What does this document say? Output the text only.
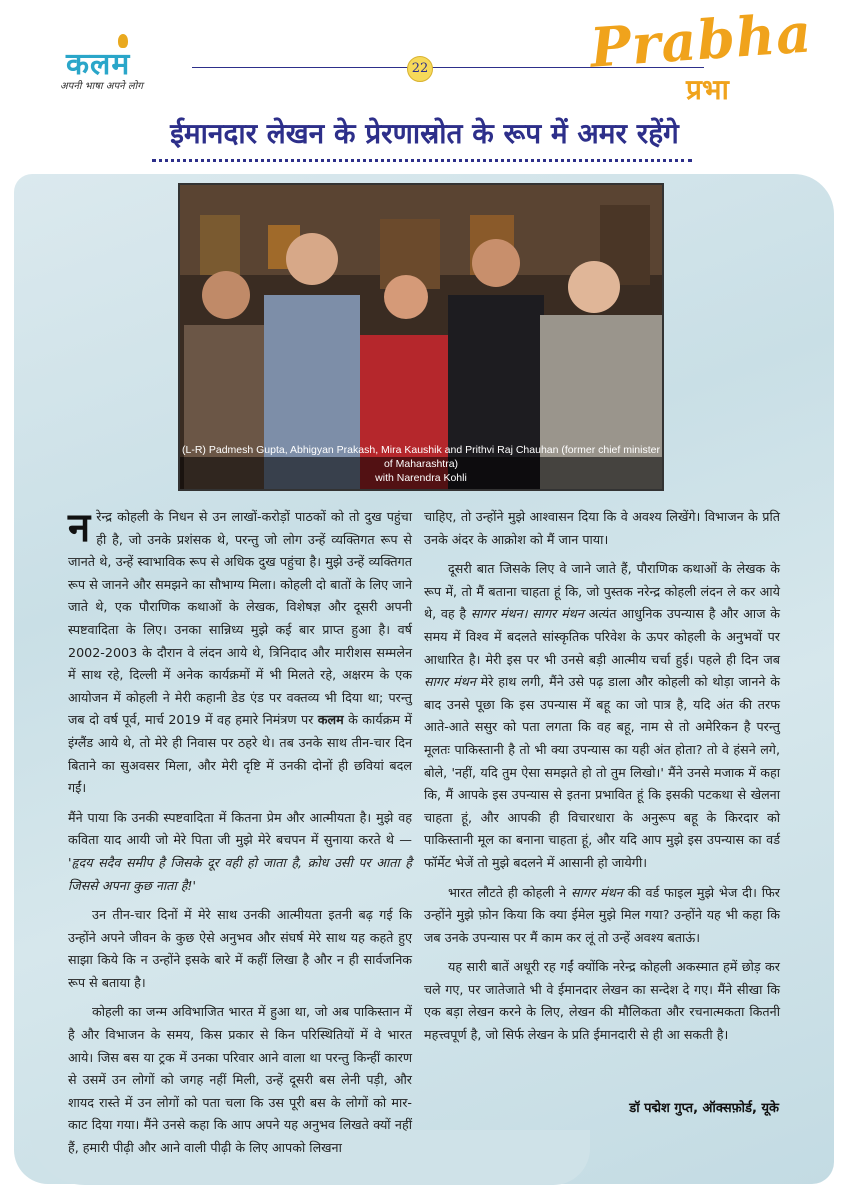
कलम
अपनी भाषा अपने लोग
22	Prabha
प्रभा
ईमानदार लेखन के प्रेरणास्रोत के रूप में अमर रहेंगे
(L-R) Padmesh Gupta, Abhigyan Prakash, Mira Kaushik and Prithvi Raj Chauhan (former chief minister of Maharashtra)
with Narendra Kohli

नरेन्द्र कोहली के निधन से उन लाखों-करोड़ों पाठकों को तो दुख पहुंचा ही है, जो उनके प्रशंसक थे, परन्तु जो लोग उन्हें व्यक्तिगत रूप से जानते थे, उन्हें स्वाभाविक रूप से अधिक दुख पहुंचा है। मुझे उन्हें व्यक्तिगत रूप से जानने और समझने का सौभाग्य मिला। कोहली दो बातों के लिए जाने जाते थे, एक पौराणिक कथाओं के लेखक, विशेषज्ञ और दूसरी अपनी स्पष्टवादिता के लिए। उनका सान्निध्य मुझे कई बार प्राप्त हुआ है। वर्ष 2002-2003 के दौरान वे लंदन आये थे, त्रिनिदाद और मारीशस सम्मलेन में साथ रहे, दिल्ली में अनेक कार्यक्रमों में भी मिलते रहे, अक्षरम के एक आयोजन में कोहली ने मेरी कहानी डेड एंड पर वक्तव्य भी दिया था; परन्तु जब दो वर्ष पूर्व, मार्च 2019 में वह हमारे निमंत्रण पर कलम के कार्यक्रम में इंग्लैंड आये थे, तो मेरे ही निवास पर ठहरे थे। तब उनके साथ तीन-चार दिन बिताने का सुअवसर मिला, और मेरी दृष्टि में उनकी दोनों ही छवियां बदल गईं।

मैंने पाया कि उनकी स्पष्टवादिता में कितना प्रेम और आत्मीयता है। मुझे वह कविता याद आयी जो मेरे पिता जी मुझे मेरे बचपन में सुनाया करते थे — 'हृदय सदैव समीप है जिसके दूर वही हो जाता है, क्रोध उसी पर आता है जिससे अपना कुछ नाता है!'

उन तीन-चार दिनों में मेरे साथ उनकी आत्मीयता इतनी बढ़ गई कि उन्होंने अपने जीवन के कुछ ऐसे अनुभव और संघर्ष मेरे साथ यह कहते हुए साझा किये कि न उन्होंने इसके बारे में कहीं लिखा है और न ही सार्वजनिक रूप से बताया है।

कोहली का जन्म अविभाजित भारत में हुआ था, जो अब पाकिस्तान में है और विभाजन के समय, किस प्रकार से किन परिस्थितियों में वे भारत आये। जिस बस या ट्रक में उनका परिवार आने वाला था परन्तु किन्हीं कारण से उसमें उन लोगों को जगह नहीं मिली, उन्हें दूसरी बस लेनी पड़ी, और शायद रास्ते में उन लोगों को पता चला कि उस पूरी बस के लोगों को मार-काट दिया गया। मैंने उनसे कहा कि आप अपने यह अनुभव लिखते क्यों नहीं हैं, हमारी पीढ़ी और आने वाली पीढ़ी के लिए आपको लिखना

चाहिए, तो उन्होंने मुझे आश्वासन दिया कि वे अवश्य लिखेंगे। विभाजन के प्रति उनके अंदर के आक्रोश को मैं जान पाया।

दूसरी बात जिसके लिए वे जाने जाते हैं, पौराणिक कथाओं के लेखक के रूप में, तो मैं बताना चाहता हूं कि, जो पुस्तक नरेन्द्र कोहली लंदन ले कर आये थे, वह है सागर मंथन। सागर मंथन अत्यंत आधुनिक उपन्यास है और आज के समय में विश्व में बदलते सांस्कृतिक परिवेश के ऊपर कोहली के अनुभवों पर आधारित है। मेरी इस पर भी उनसे बड़ी आत्मीय चर्चा हुई। पहले ही दिन जब सागर मंथन मेरे हाथ लगी, मैंने उसे पढ़ डाला और कोहली को थोड़ा जानने के बाद उनसे पूछा कि इस उपन्यास में बहू का जो पात्र है, यदि अंत की तरफ आते-आते ससुर को पता लगता कि वह बहू, नाम से तो अमेरिकन है परन्तु मूलतः पाकिस्तानी है तो भी क्या उपन्यास का यही अंत होता? तो वे हंसने लगे, बोले, 'नहीं, यदि तुम ऐसा समझते हो तो तुम लिखो।' मैंने उनसे मजाक में कहा कि, मैं आपके इस उपन्यास से इतना प्रभावित हूं कि इसकी पटकथा से खेलना चाहता हूं, और आपकी ही विचारधारा के अनुरूप बहू के किरदार को पाकिस्तानी मूल का बनाना चाहता हूं, और यदि आप मुझे इस उपन्यास का वर्ड फॉर्मेट भेजें तो मुझे बदलने में आसानी हो जायेगी।

भारत लौटते ही कोहली ने सागर मंथन की वर्ड फाइल मुझे भेज दी। फिर उन्होंने मुझे फ़ोन किया कि क्या ईमेल मुझे मिल गया? उन्होंने यह भी कहा कि जब उनके उपन्यास पर मैं काम कर लूं तो उन्हें अवश्य बताऊं।

यह सारी बातें अधूरी रह गईं क्योंकि नरेन्द्र कोहली अकस्मात हमें छोड़ कर चले गए, पर जातेजाते भी वे ईमानदार लेखन का सन्देश दे गए। मैंने सीखा कि एक बड़ा लेखन करने के लिए, लेखन की मौलिकता और रचनात्मकता कितनी महत्त्वपूर्ण है, जो सिर्फ लेखन के प्रति ईमानदारी से ही आ सकती है।

डॉ पद्मेश गुप्त, ऑक्सफ़ोर्ड, यूके
